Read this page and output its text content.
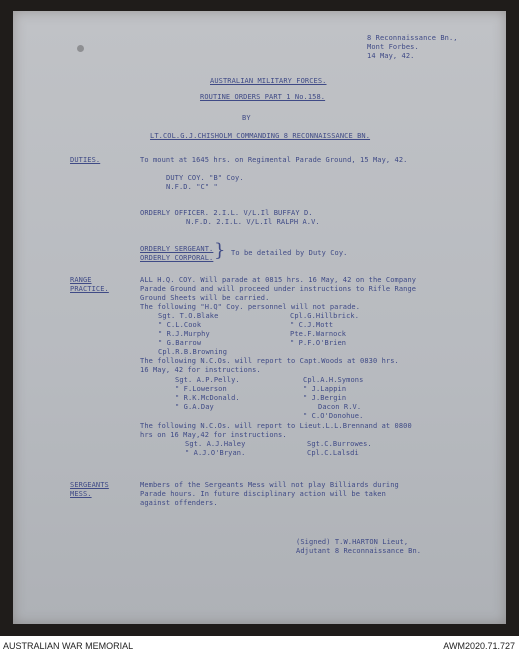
8 Reconnaissance Bn.,

Mont Forbes.

14 May, 42.

AUSTRALIAN MILITARY FORCES.

ROUTINE ORDERS PART 1 No.158.

BY

LT.COL.G.J.CHISHOLM COMMANDING 8 RECONNAISSANCE BN.

DUTIES.	To mount at 1645 hrs. on Regimental Parade Ground, 15 May, 42.

DUTY COY. "B" Coy.

N.F.D. "C" "

ORDERLY OFFICER. 2.I.L. V/L.Il BUFFAY D.

N.F.D. 2.I.L. V/L.Il RALPH A.V.

ORDERLY SERGEANT.

ORDERLY CORPORAL. } To be detailed by Duty Coy.

RANGE

PRACTICE.

ALL H.Q. COY. Will parade at 0815 hrs. 16 May, 42 on the Company

Parade Ground and will proceed under instructions to Rifle Range

Ground Sheets will be carried.

The following "H.Q" Coy. personnel will not parade.

Sgt. T.O.Blake	Cpl.G.Hillbrick.

" C.L.Cook	" C.J.Mott

" R.J.Murphy	Pte.F.Warnock

" G.Barrow	" P.F.O'Brien

Cpl.R.B.Browning

The following N.C.Os. will report to Capt.Woods at 0830 hrs.

16 May, 42 for instructions.

Sgt. A.P.Pelly.	Cpl.A.H.Symons

" F.Lowerson	" J.Lappin

" R.K.McDonald.	" J.Bergin

" G.A.Day	Dacon R.V.

" C.O'Donohue.

The following N.C.Os. will report to Lieut.L.L.Brennand at 0800

hrs on 16 May,42 for instructions.

Sgt. A.J.Haley	Sgt.C.Burrowes.

" A.J.O'Bryan.	Cpl.C.Lalsdi

SERGEANTS

MESS.

Members of the Sergeants Mess will not play Billiards during

Parade hours. In future disciplinary action will be taken

against offenders.

(Signed) T.W.HARTON Lieut,

Adjutant 8 Reconnaissance Bn.

AUSTRALIAN WAR MEMORIAL	AWM2020.71.727
